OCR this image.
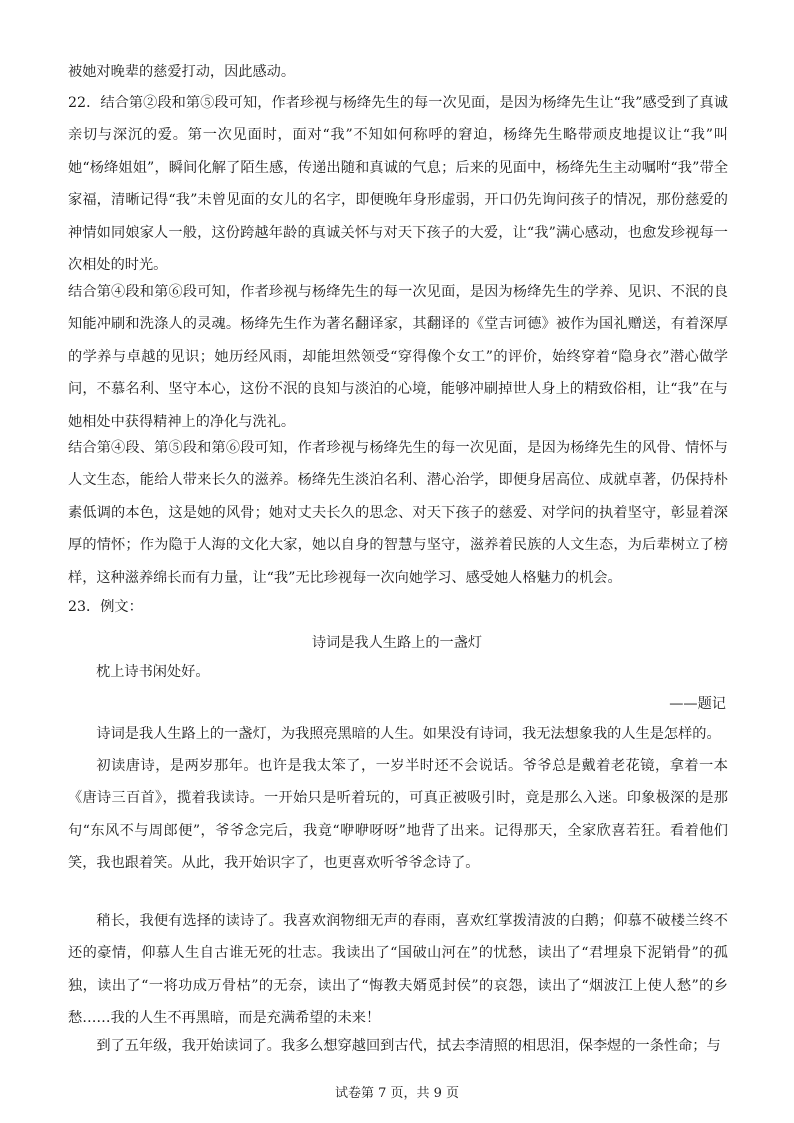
被她对晚辈的慈爱打动，因此感动。

22．结合第②段和第⑤段可知，作者珍视与杨绛先生的每一次见面，是因为杨绛先生让“我”感受到了真诚亲切与深沉的爱。第一次见面时，面对“我”不知如何称呼的窘迫，杨绛先生略带顽皮地提议让“我”叫她“杨绛姐姐”，瞬间化解了陌生感，传递出随和真诚的气息；后来的见面中，杨绛先生主动嘱咐“我”带全家福，清晰记得“我”未曾见面的女儿的名字，即便晚年身形虚弱，开口仍先询问孩子的情况，那份慈爱的神情如同娘家人一般，这份跨越年龄的真诚关怀与对天下孩子的大爱，让“我”满心感动，也愈发珍视每一次相处的时光。

结合第④段和第⑥段可知，作者珍视与杨绛先生的每一次见面，是因为杨绛先生的学养、见识、不泯的良知能冲刷和洗涤人的灵魂。杨绛先生作为著名翻译家，其翻译的《堂吉诃德》被作为国礼赠送，有着深厚的学养与卓越的见识；她历经风雨，却能坦然领受“穿得像个女工”的评价，始终穿着“隐身衣”潜心做学问，不慕名利、坚守本心，这份不泯的良知与淡泊的心境，能够冲刷掉世人身上的精致俗相，让“我”在与她相处中获得精神上的净化与洗礼。

结合第④段、第⑤段和第⑥段可知，作者珍视与杨绛先生的每一次见面，是因为杨绛先生的风骨、情怀与人文生态，能给人带来长久的滋养。杨绛先生淡泊名利、潜心治学，即便身居高位、成就卓著，仍保持朴素低调的本色，这是她的风骨；她对丈夫长久的思念、对天下孩子的慈爱、对学问的执着坚守，彰显着深厚的情怀；作为隐于人海的文化大家，她以自身的智慧与坚守，滋养着民族的人文生态，为后辈树立了榜样，这种滋养绵长而有力量，让“我”无比珍视每一次向她学习、感受她人格魅力的机会。

23．例文：

诗词是我人生路上的一盏灯

枕上诗书闲处好。

——题记

诗词是我人生路上的一盏灯，为我照亮黑暗的人生。如果没有诗词，我无法想象我的人生是怎样的。

初读唐诗，是两岁那年。也许是我太笨了，一岁半时还不会说话。爷爷总是戴着老花镜，拿着一本《唐诗三百首》，揽着我读诗。一开始只是听着玩的，可真正被吸引时，竟是那么入迷。印象极深的是那句“东风不与周郎便”，爷爷念完后，我竟“咿咿呀呀”地背了出来。记得那天，全家欣喜若狂。看着他们笑，我也跟着笑。从此，我开始识字了，也更喜欢听爷爷念诗了。

稍长，我便有选择的读诗了。我喜欢润物细无声的春雨，喜欢红掌拨清波的白鹅；仰慕不破楼兰终不还的豪情，仰慕人生自古谁无死的壮志。我读出了“国破山河在”的忧愁，读出了“君埋泉下泥销骨”的孤独，读出了“一将功成万骨枯”的无奈，读出了“悔教夫婿觅封侯”的哀怨，读出了“烟波江上使人愁”的乡愁……我的人生不再黑暗，而是充满希望的未来！

到了五年级，我开始读词了。我多么想穿越回到古代，拭去李清照的相思泪，保李煜的一条性命；与

试卷第 7 页，共 9 页
